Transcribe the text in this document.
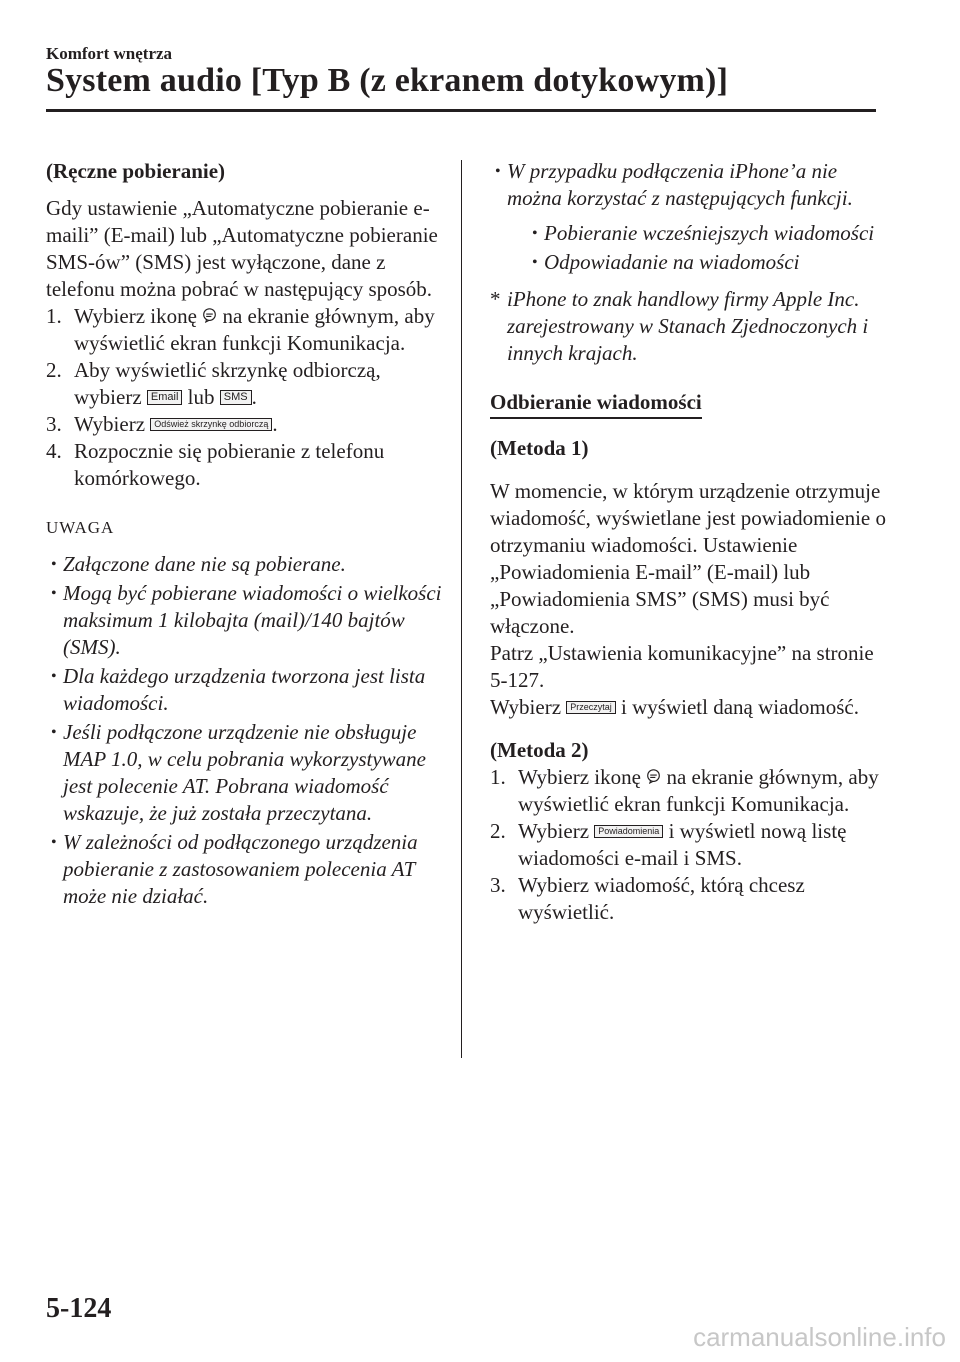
Komfort wnętrza
System audio [Typ B (z ekranem dotykowym)]

(Ręczne pobieranie)

Gdy ustawienie „Automatyczne pobieranie e-maili” (E-mail) lub „Automatyczne pobieranie SMS-ów” (SMS) jest wyłączone, dane z telefonu można pobrać w następujący sposób.

1. Wybierz ikonę na ekranie głównym, aby wyświetlić ekran funkcji Komunikacja.
2. Aby wyświetlić skrzynkę odbiorczą, wybierz Email lub SMS .
3. Wybierz Odśwież skrzynkę odbiorczą .
4. Rozpocznie się pobieranie z telefonu komórkowego.

UWAGA

• Załączone dane nie są pobierane.
• Mogą być pobierane wiadomości o wielkości maksimum 1 kilobajta (mail)/140 bajtów (SMS).
• Dla każdego urządzenia tworzona jest lista wiadomości.
• Jeśli podłączone urządzenie nie obsługuje MAP 1.0, w celu pobrania wykorzystywane jest polecenie AT. Pobrana wiadomość wskazuje, że już została przeczytana.
• W zależności od podłączonego urządzenia pobieranie z zastosowaniem polecenia AT może nie działać.
• W przypadku podłączenia iPhone’a nie można korzystać z następujących funkcji.
• Pobieranie wcześniejszych wiadomości
• Odpowiadanie na wiadomości

* iPhone to znak handlowy firmy Apple Inc. zarejestrowany w Stanach Zjednoczonych i innych krajach.

Odbieranie wiadomości

(Metoda 1)

W momencie, w którym urządzenie otrzymuje wiadomość, wyświetlane jest powiadomienie o otrzymaniu wiadomości. Ustawienie „Powiadomienia E-mail” (E-mail) lub „Powiadomienia SMS” (SMS) musi być włączone.

Patrz „Ustawienia komunikacyjne” na stronie 5-127.

Wybierz Przeczytaj i wyświetl daną wiadomość.

(Metoda 2)

1. Wybierz ikonę na ekranie głównym, aby wyświetlić ekran funkcji Komunikacja.
2. Wybierz Powiadomienia i wyświetl nową listę wiadomości e-mail i SMS.
3. Wybierz wiadomość, którą chcesz wyświetlić.
5-124
carmanualsonline.info
